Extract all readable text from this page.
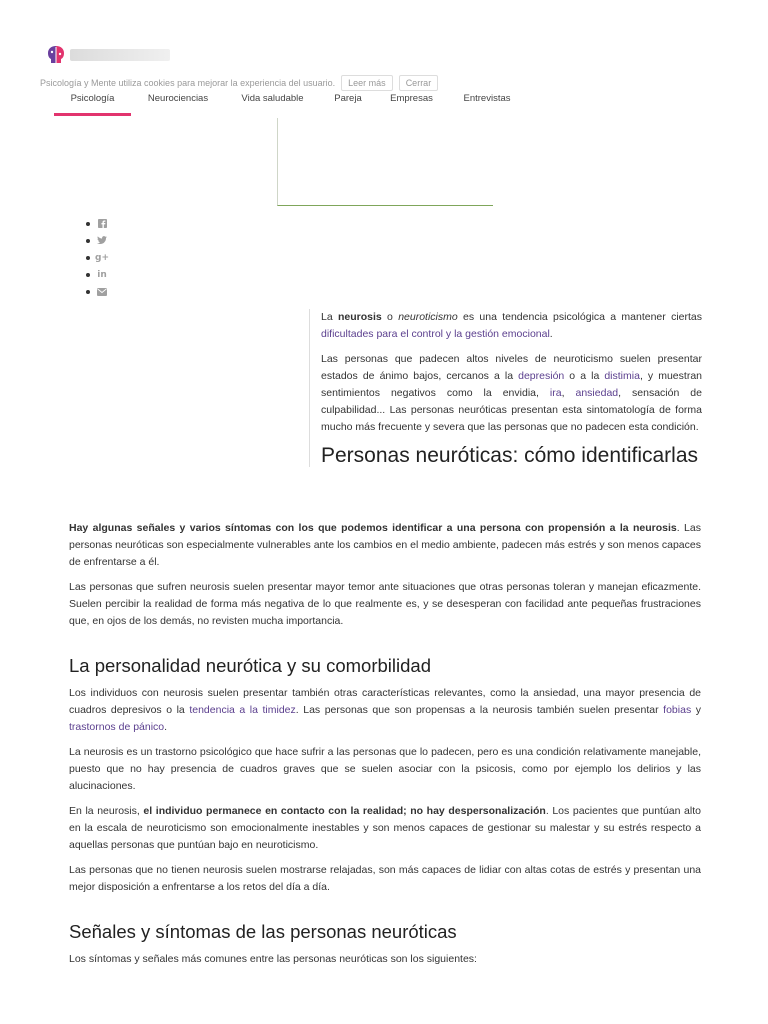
Psicología y Mente utiliza cookies para mejorar la experiencia del usuario.	Leer más	Cerrar
Psicología	Neurociencias	Vida saludable	Pareja	Empresas	Entrevistas
g+
in

La neurosis o neuroticismo es una tendencia psicológica a mantener ciertas dificultades para el control y la gestión emocional.

Las personas que padecen altos niveles de neuroticismo suelen presentar estados de ánimo bajos, cercanos a la depresión o a la distimia, y muestran sentimientos negativos como la envidia, ira, ansiedad, sensación de culpabilidad... Las personas neuróticas presentan esta sintomatología de forma mucho más frecuente y severa que las personas que no padecen esta condición.

Personas neuróticas: cómo identificarlas

Hay algunas señales y varios síntomas con los que podemos identificar a una persona con propensión a la neurosis. Las personas neuróticas son especialmente vulnerables ante los cambios en el medio ambiente, padecen más estrés y son menos capaces de enfrentarse a él.

Las personas que sufren neurosis suelen presentar mayor temor ante situaciones que otras personas toleran y manejan eficazmente. Suelen percibir la realidad de forma más negativa de lo que realmente es, y se desesperan con facilidad ante pequeñas frustraciones que, en ojos de los demás, no revisten mucha importancia.

La personalidad neurótica y su comorbilidad

Los individuos con neurosis suelen presentar también otras características relevantes, como la ansiedad, una mayor presencia de cuadros depresivos o la tendencia a la timidez. Las personas que son propensas a la neurosis también suelen presentar fobias y trastornos de pánico.

La neurosis es un trastorno psicológico que hace sufrir a las personas que lo padecen, pero es una condición relativamente manejable, puesto que no hay presencia de cuadros graves que se suelen asociar con la psicosis, como por ejemplo los delirios y las alucinaciones.

En la neurosis, el individuo permanece en contacto con la realidad; no hay despersonalización. Los pacientes que puntúan alto en la escala de neuroticismo son emocionalmente inestables y son menos capaces de gestionar su malestar y su estrés respecto a aquellas personas que puntúan bajo en neuroticismo.

Las personas que no tienen neurosis suelen mostrarse relajadas, son más capaces de lidiar con altas cotas de estrés y presentan una mejor disposición a enfrentarse a los retos del día a día.

Señales y síntomas de las personas neuróticas

Los síntomas y señales más comunes entre las personas neuróticas son los siguientes:
